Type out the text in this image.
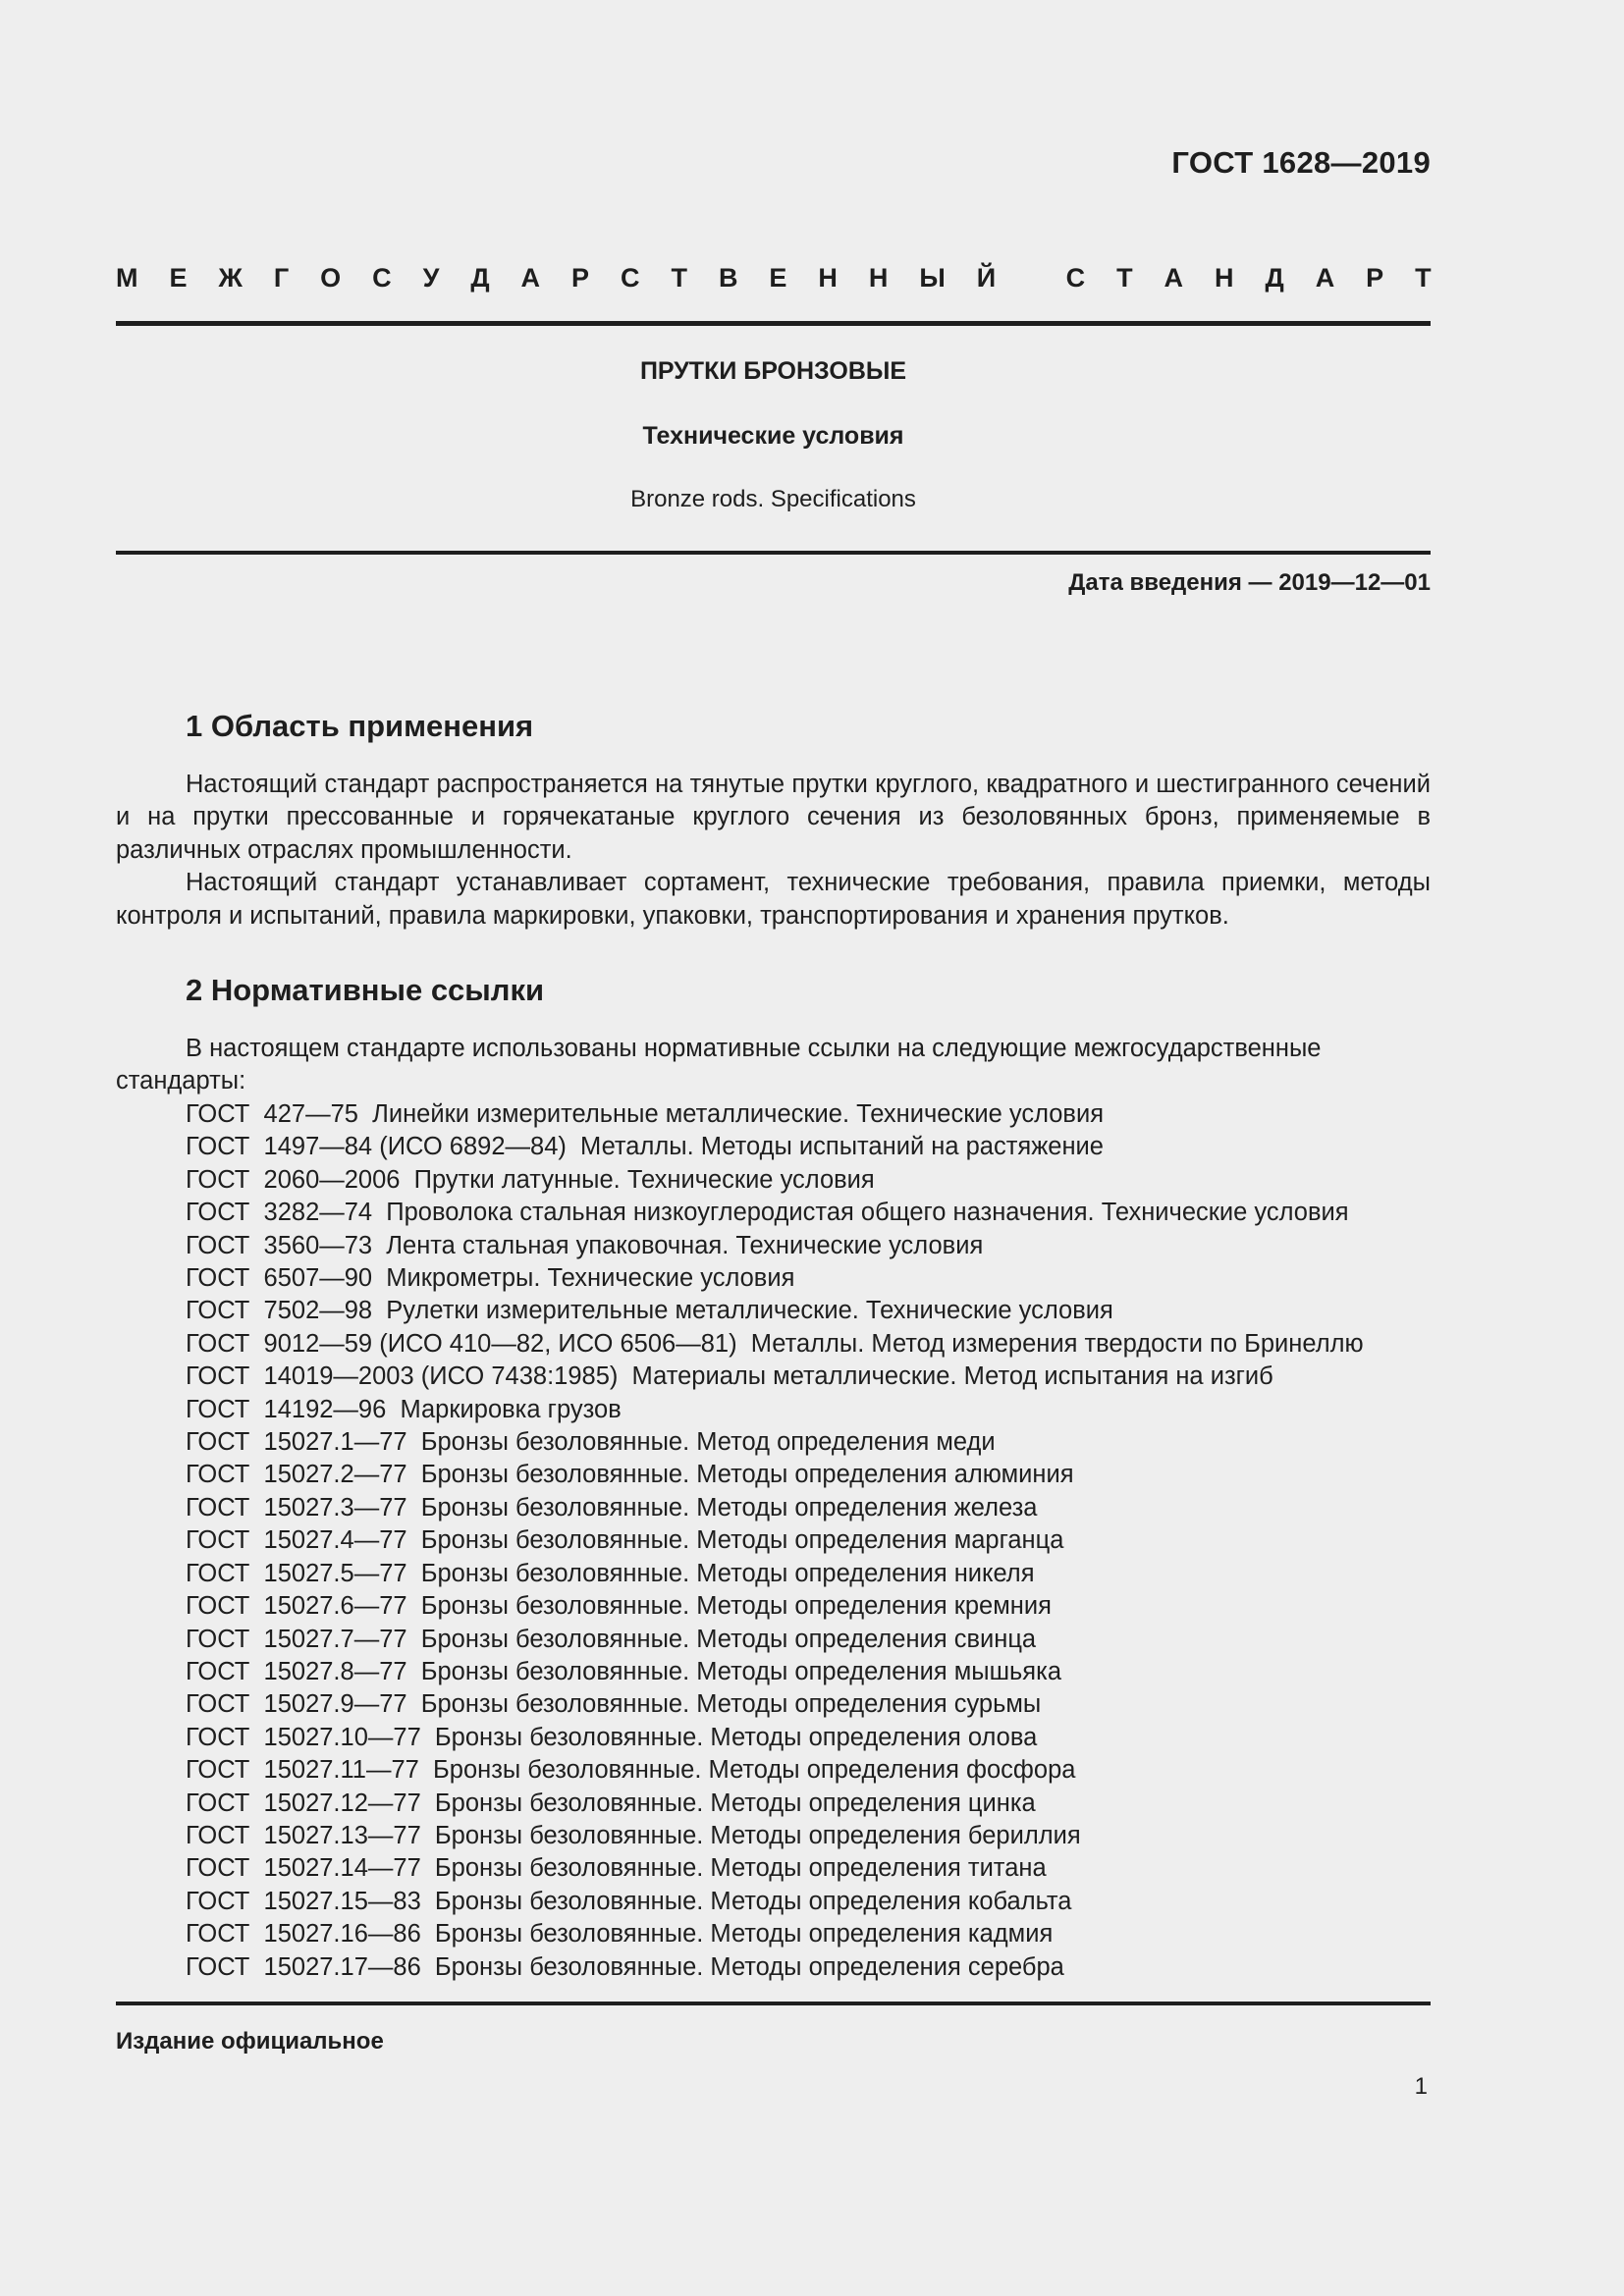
ГОСТ 1628—2019
М Е Ж Г О С У Д А Р С Т В Е Н Н Ы Й
	С Т А Н Д А Р Т
ПРУТКИ БРОНЗОВЫЕ
Технические условия
Bronze rods. Specifications
Дата введения — 2019—12—01
1 Область применения

Настоящий стандарт распространяется на тянутые прутки круглого, квадратного и шестигранного сечений и на прутки прессованные и горячекатаные круглого сечения из безоловянных бронз, применяемые в различных отраслях промышленности.

Настоящий стандарт устанавливает сортамент, технические требования, правила приемки, методы контроля и испытаний, правила маркировки, упаковки, транспортирования и хранения прутков.

2 Нормативные ссылки

В настоящем стандарте использованы нормативные ссылки на следующие межгосударственные стандарты:

ГОСТ  427—75  Линейки измерительные металлические. Технические условия
ГОСТ  1497—84 (ИСО 6892—84)  Металлы. Методы испытаний на растяжение
ГОСТ  2060—2006  Прутки латунные. Технические условия
ГОСТ  3282—74  Проволока стальная низкоуглеродистая общего назначения. Технические условия
ГОСТ  3560—73  Лента стальная упаковочная. Технические условия
ГОСТ  6507—90  Микрометры. Технические условия
ГОСТ  7502—98  Рулетки измерительные металлические. Технические условия
ГОСТ  9012—59 (ИСО 410—82, ИСО 6506—81)  Металлы. Метод измерения твердости по Бринеллю
ГОСТ  14019—2003 (ИСО 7438:1985)  Материалы металлические. Метод испытания на изгиб
ГОСТ  14192—96  Маркировка грузов
ГОСТ  15027.1—77  Бронзы безоловянные. Метод определения меди
ГОСТ  15027.2—77  Бронзы безоловянные. Методы определения алюминия
ГОСТ  15027.3—77  Бронзы безоловянные. Методы определения железа
ГОСТ  15027.4—77  Бронзы безоловянные. Методы определения марганца
ГОСТ  15027.5—77  Бронзы безоловянные. Методы определения никеля
ГОСТ  15027.6—77  Бронзы безоловянные. Методы определения кремния
ГОСТ  15027.7—77  Бронзы безоловянные. Методы определения свинца
ГОСТ  15027.8—77  Бронзы безоловянные. Методы определения мышьяка
ГОСТ  15027.9—77  Бронзы безоловянные. Методы определения сурьмы
ГОСТ  15027.10—77  Бронзы безоловянные. Методы определения олова
ГОСТ  15027.11—77  Бронзы безоловянные. Методы определения фосфора
ГОСТ  15027.12—77  Бронзы безоловянные. Методы определения цинка
ГОСТ  15027.13—77  Бронзы безоловянные. Методы определения бериллия
ГОСТ  15027.14—77  Бронзы безоловянные. Методы определения титана
ГОСТ  15027.15—83  Бронзы безоловянные. Методы определения кобальта
ГОСТ  15027.16—86  Бронзы безоловянные. Методы определения кадмия
ГОСТ  15027.17—86  Бронзы безоловянные. Методы определения серебра
Издание официальное
1
